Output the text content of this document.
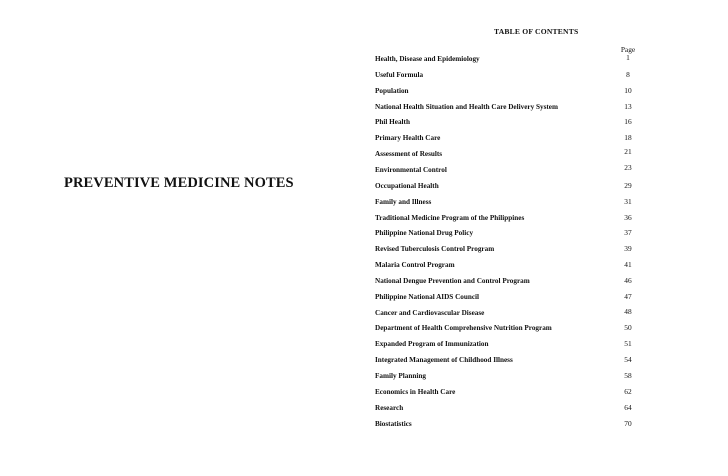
PREVENTIVE MEDICINE NOTES
TABLE OF CONTENTS
Page
Health, Disease and Epidemiology	1
Useful Formula	8
Population	10
National Health Situation and Health Care Delivery System	13
Phil Health	16
Primary Health Care	18
Assessment of Results	21
Environmental Control	23
Occupational Health	29
Family and Illness	31
Traditional Medicine Program of the Philippines	36
Philippine National Drug Policy	37
Revised Tuberculosis Control Program	39
Malaria Control Program	41
National Dengue Prevention and Control Program	46
Philippine National AIDS Council	47
Cancer and Cardiovascular Disease	48
Department of Health Comprehensive Nutrition Program	50
Expanded Program of Immunization	51
Integrated Management of Childhood Illness	54
Family Planning	58
Economics in Health Care	62
Research	64
Biostatistics	70
